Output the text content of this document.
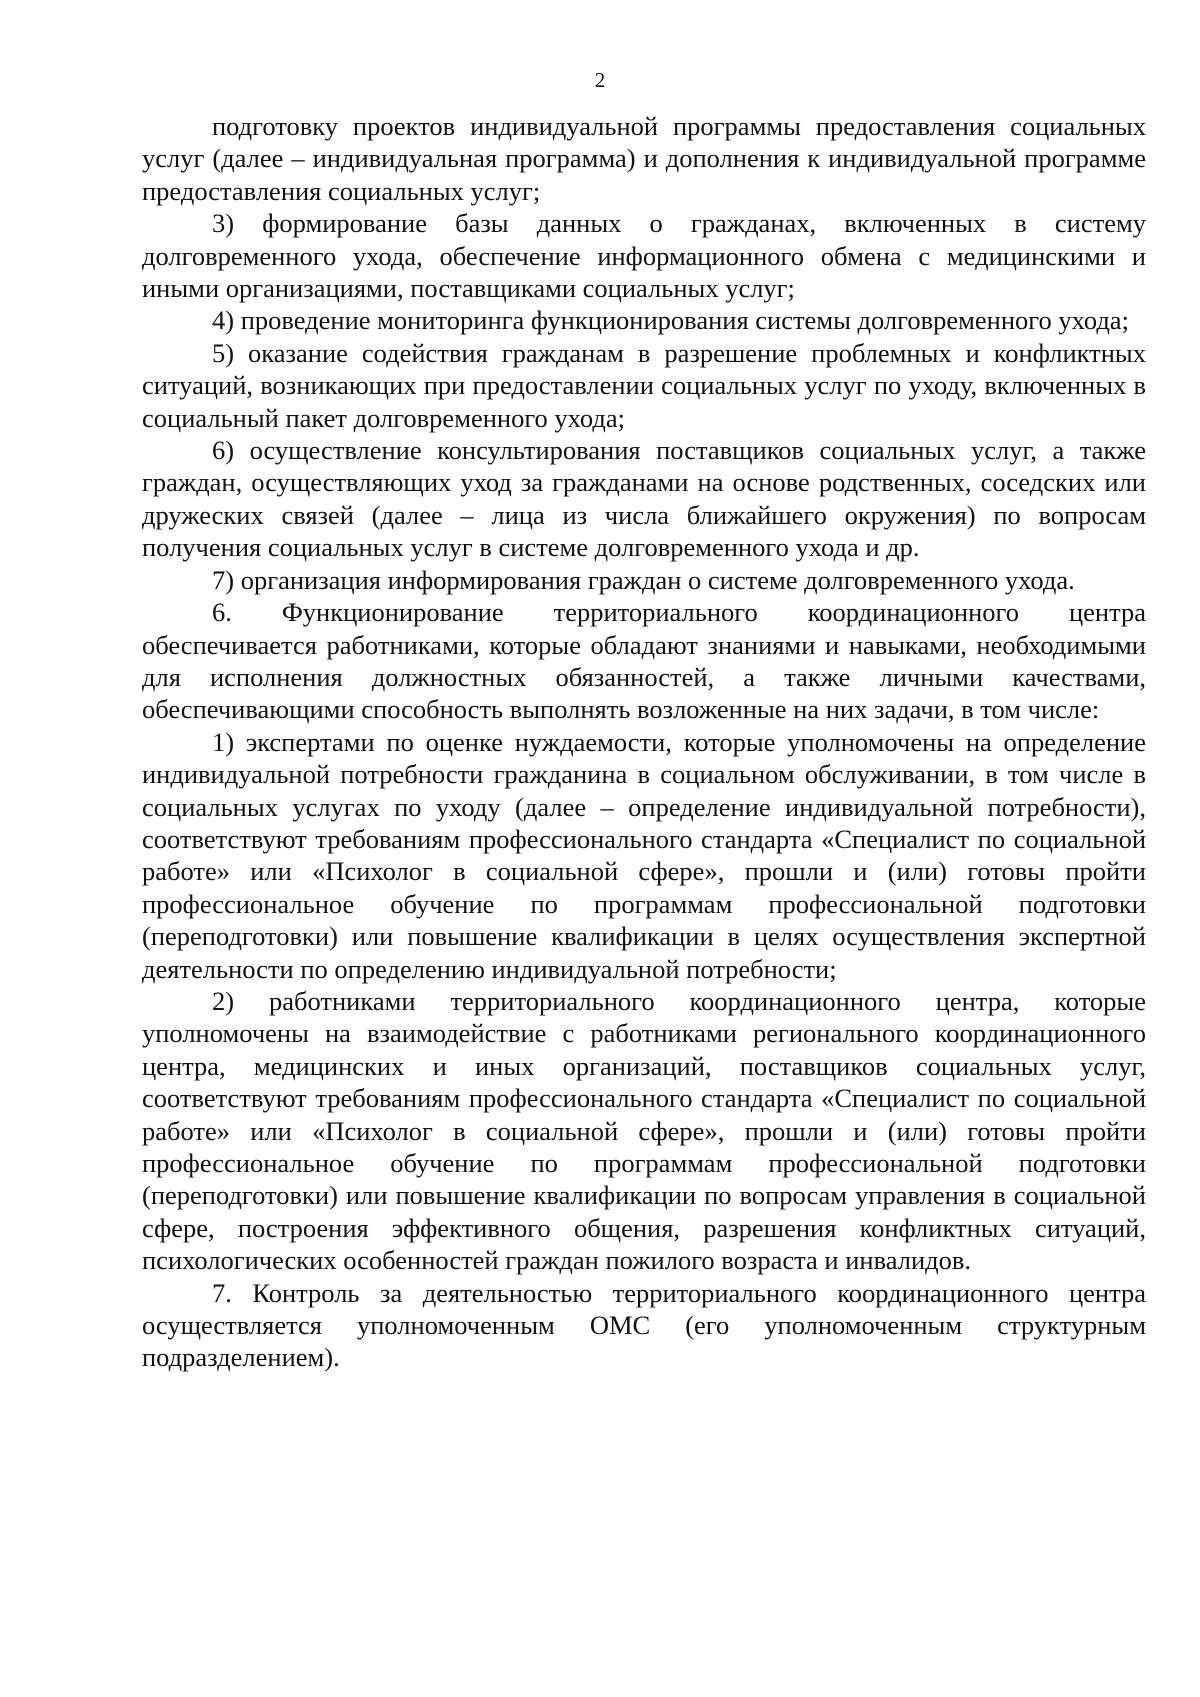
2

подготовку проектов индивидуальной программы предоставления социальных услуг (далее – индивидуальная программа) и дополнения к индивидуальной программе предоставления социальных услуг;

3) формирование базы данных о гражданах, включенных в систему долговременного ухода, обеспечение информационного обмена с медицинскими и иными организациями, поставщиками социальных услуг;

4) проведение мониторинга функционирования системы долговременного ухода;

5) оказание содействия гражданам в разрешение проблемных и конфликтных ситуаций, возникающих при предоставлении социальных услуг по уходу, включенных в социальный пакет долговременного ухода;

6) осуществление консультирования поставщиков социальных услуг, а также граждан, осуществляющих уход за гражданами на основе родственных, соседских или дружеских связей (далее – лица из числа ближайшего окружения) по вопросам получения социальных услуг в системе долговременного ухода и др.

7) организация информирования граждан о системе долговременного ухода.

6. Функционирование территориального координационного центра обеспечивается работниками, которые обладают знаниями и навыками, необходимыми для исполнения должностных обязанностей, а также личными качествами, обеспечивающими способность выполнять возложенные на них задачи, в том числе:

1) экспертами по оценке нуждаемости, которые уполномочены на определение индивидуальной потребности гражданина в социальном обслуживании, в том числе в социальных услугах по уходу (далее – определение индивидуальной потребности), соответствуют требованиям профессионального стандарта «Специалист по социальной работе» или «Психолог в социальной сфере», прошли и (или) готовы пройти профессиональное обучение по программам профессиональной подготовки (переподготовки) или повышение квалификации в целях осуществления экспертной деятельности по определению индивидуальной потребности;

2) работниками территориального координационного центра, которые уполномочены на взаимодействие с работниками регионального координационного центра, медицинских и иных организаций, поставщиков социальных услуг, соответствуют требованиям профессионального стандарта «Специалист по социальной работе» или «Психолог в социальной сфере», прошли и (или) готовы пройти профессиональное обучение по программам профессиональной подготовки (переподготовки) или повышение квалификации по вопросам управления в социальной сфере, построения эффективного общения, разрешения конфликтных ситуаций, психологических особенностей граждан пожилого возраста и инвалидов.

7. Контроль за деятельностью территориального координационного центра осуществляется уполномоченным ОМС (его уполномоченным структурным подразделением).
